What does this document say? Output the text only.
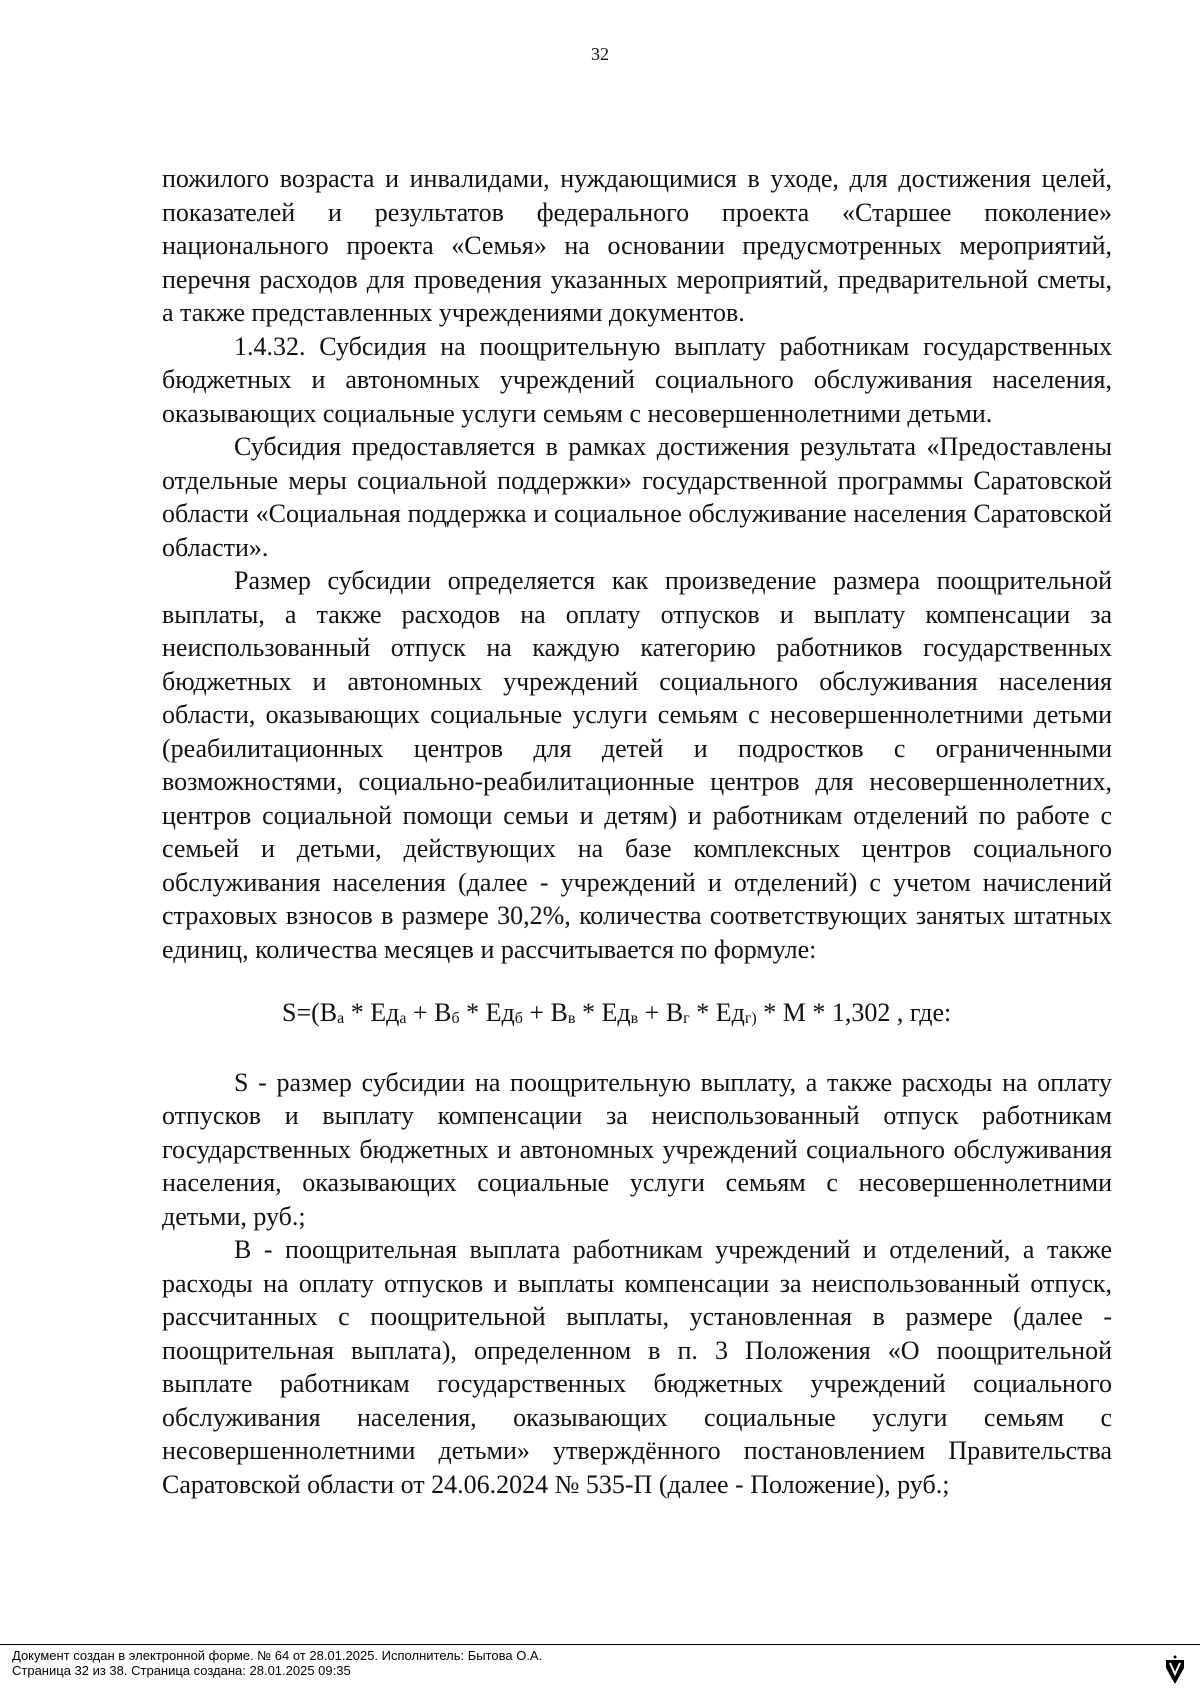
32

пожилого возраста и инвалидами, нуждающимися в уходе, для достижения целей, показателей и результатов федерального проекта «Старшее поколение» национального проекта «Семья» на основании предусмотренных мероприятий, перечня расходов для проведения указанных мероприятий, предварительной сметы, а также представленных учреждениями документов.

1.4.32. Субсидия на поощрительную выплату работникам государственных бюджетных и автономных учреждений социального обслуживания населения, оказывающих социальные услуги семьям с несовершеннолетними детьми.

Субсидия предоставляется в рамках достижения результата «Предоставлены отдельные меры социальной поддержки» государственной программы Саратовской области «Социальная поддержка и социальное обслуживание населения Саратовской области».

Размер субсидии определяется как произведение размера поощрительной выплаты, а также расходов на оплату отпусков и выплату компенсации за неиспользованный отпуск на каждую категорию работников государственных бюджетных и автономных учреждений социального обслуживания населения области, оказывающих социальные услуги семьям с несовершеннолетними детьми (реабилитационных центров для детей и подростков с ограниченными возможностями, социально-реабилитационные центров для несовершеннолетних, центров социальной помощи семьи и детям) и работникам отделений по работе с семьей и детьми, действующих на базе комплексных центров социального обслуживания населения (далее - учреждений и отделений) с учетом начислений страховых взносов в размере 30,2%, количества соответствующих занятых штатных единиц, количества месяцев и рассчитывается по формуле:

$S=(В_а * Ед_а + В_б * Ед_б + В_в * Ед_в + В_г * Ед_{г)} * М * 1,302$ , где:

S - размер субсидии на поощрительную выплату, а также расходы на оплату отпусков и выплату компенсации за неиспользованный отпуск работникам государственных бюджетных и автономных учреждений социального обслуживания населения, оказывающих социальные услуги семьям с несовершеннолетними детьми, руб.;

В - поощрительная выплата работникам учреждений и отделений, а также расходы на оплату отпусков и выплаты компенсации за неиспользованный отпуск, рассчитанных с поощрительной выплаты, установленная в размере (далее - поощрительная выплата), определенном в п. 3 Положения «О поощрительной выплате работникам государственных бюджетных учреждений социального обслуживания населения, оказывающих социальные услуги семьям с несовершеннолетними детьми» утверждённого постановлением Правительства Саратовской области от 24.06.2024 № 535-П (далее - Положение), руб.;

Документ создан в электронной форме. № 64 от 28.01.2025. Исполнитель: Бытова О.А.
Страница 32 из 38. Страница создана: 28.01.2025 09:35
